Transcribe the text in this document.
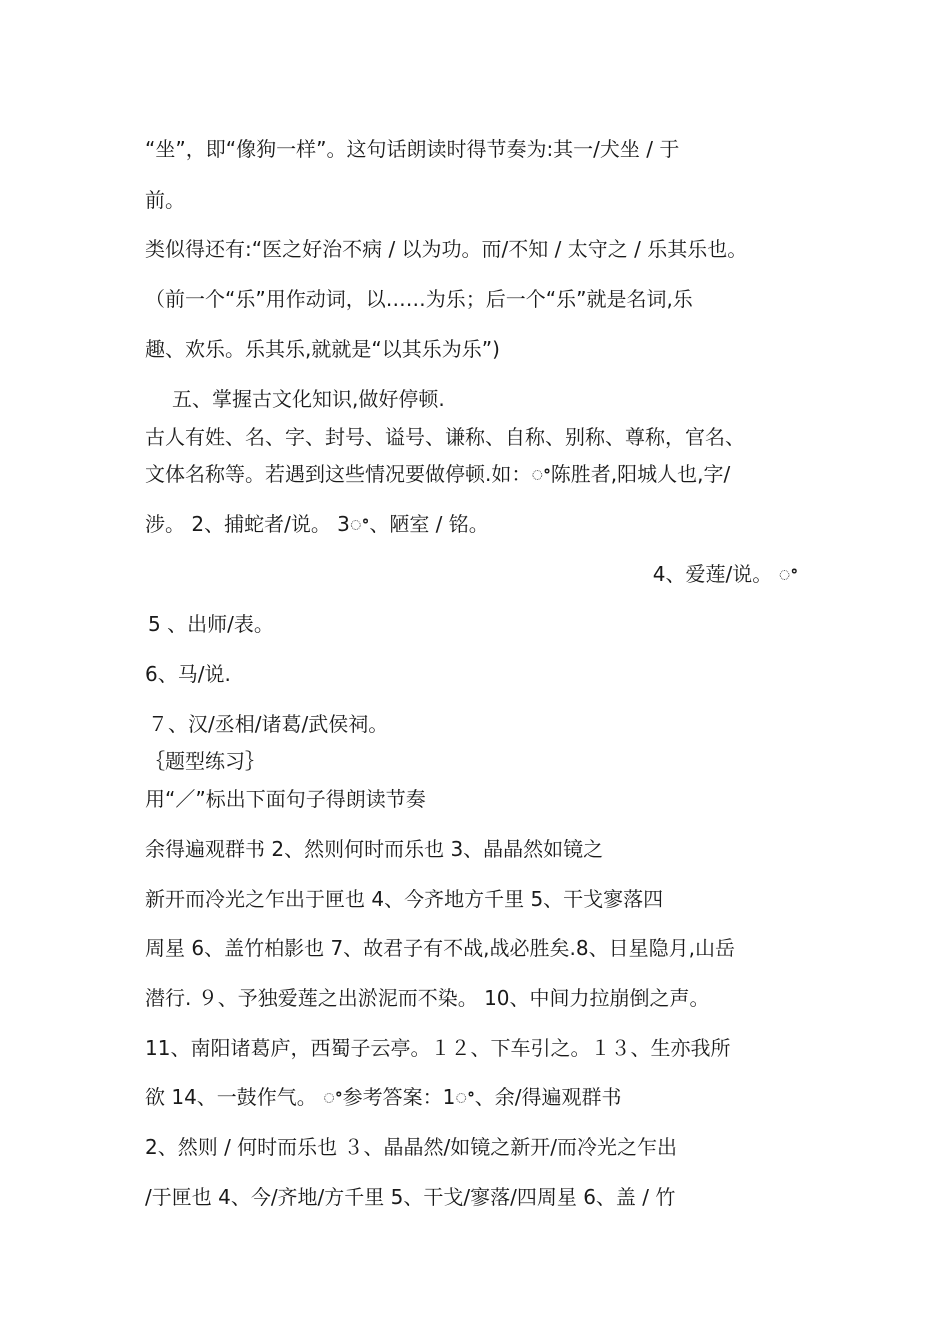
“坐”，即“像狗一样”。这句话朗读时得节奏为:其一/犬坐 / 于
前。
类似得还有:“医之好治不病 / 以为功。而/不知 / 太守之 / 乐其乐也。
（前一个“乐”用作动词，以……为乐；后一个“乐”就是名词,乐
趣、欢乐。乐其乐,就就是“以其乐为乐”)
五、掌握古文化知识,做好停顿.
古人有姓、名、字、封号、谥号、谦称、自称、别称、尊称，官名、
文体名称等。若遇到这些情况要做停顿.如：ꢀ陈胜者,阳城人也,字/
涉。 2、捕蛇者/说。 3ꢀ、陋室 / 铭。
4、爱莲/说。 ꢀ
5 、出师/表。
6、马/说.
７、汉/丞相/诸葛/武侯祠。
｛题型练习｝
用“／”标出下面句子得朗读节奏
余得遍观群书 2、然则何时而乐也 3、晶晶然如镜之
新开而冷光之乍出于匣也 4、今齐地方千里 5、干戈寥落四
周星 6、盖竹柏影也 7、故君子有不战,战必胜矣.8、日星隐月,山岳
潜行. ９、予独爱莲之出淤泥而不染。 10、中间力拉崩倒之声。
11、南阳诸葛庐，西蜀子云亭。１２、下车引之。１３、生亦我所
欲 14、一鼓作气。 ꢀ参考答案：1ꢀ、余/得遍观群书
2、然则 / 何时而乐也 ３、晶晶然/如镜之新开/而冷光之乍出
/于匣也 4、今/齐地/方千里 5、干戈/寥落/四周星 6、盖 / 竹
